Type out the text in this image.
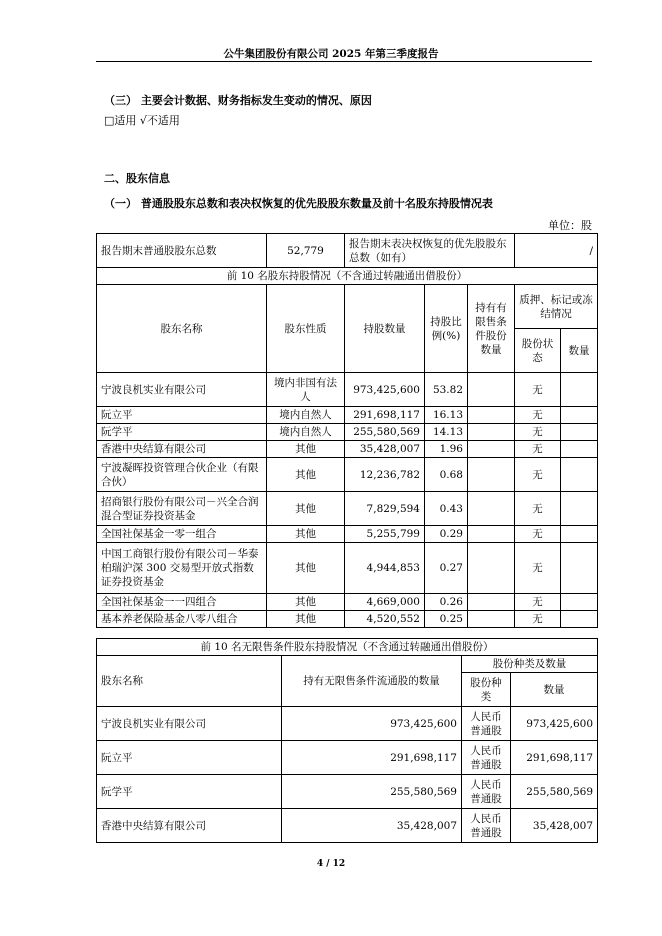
公牛集团股份有限公司 2025 年第三季度报告
（三） 主要会计数据、财务指标发生变动的情况、原因
□适用 √不适用
二、股东信息
（一） 普通股股东总数和表决权恢复的优先股股东数量及前十名股东持股情况表
单位：股
报告期末普通股股东总数	52,779	报告期末表决权恢复的优先股股东总数（如有）			/	
前 10 名股东持股情况（不含通过转融通出借股份）						
股东名称	股东性质	持股数量	持股比例(%)	持有有限售条件股份数量	质押、标记或冻结情况	
					股份状态	数量
宁波良机实业有限公司	境内非国有法人	973,425,600	53.82		无	
阮立平	境内自然人	291,698,117	16.13		无	
阮学平	境内自然人	255,580,569	14.13		无	
香港中央结算有限公司	其他	35,428,007	1.96		无	
宁波凝晖投资管理合伙企业（有限合伙）	其他	12,236,782	0.68		无	
招商银行股份有限公司－兴全合润混合型证券投资基金	其他	7,829,594	0.43		无	
全国社保基金一零一组合	其他	5,255,799	0.29		无	
中国工商银行股份有限公司－华泰柏瑞沪深 300 交易型开放式指数证券投资基金	其他	4,944,853	0.27		无	
全国社保基金一一四组合	其他	4,669,000	0.26		无	
基本养老保险基金八零八组合	其他	4,520,552	0.25		无	
前 10 名无限售条件股东持股情况（不含通过转融通出借股份）			
股东名称	持有无限售条件流通股的数量	股份种类及数量	
		股份种类	数量
宁波良机实业有限公司	973,425,600	人民币普通股	973,425,600
阮立平	291,698,117	人民币普通股	291,698,117
阮学平	255,580,569	人民币普通股	255,580,569
香港中央结算有限公司	35,428,007	人民币普通股	35,428,007
4 / 12
